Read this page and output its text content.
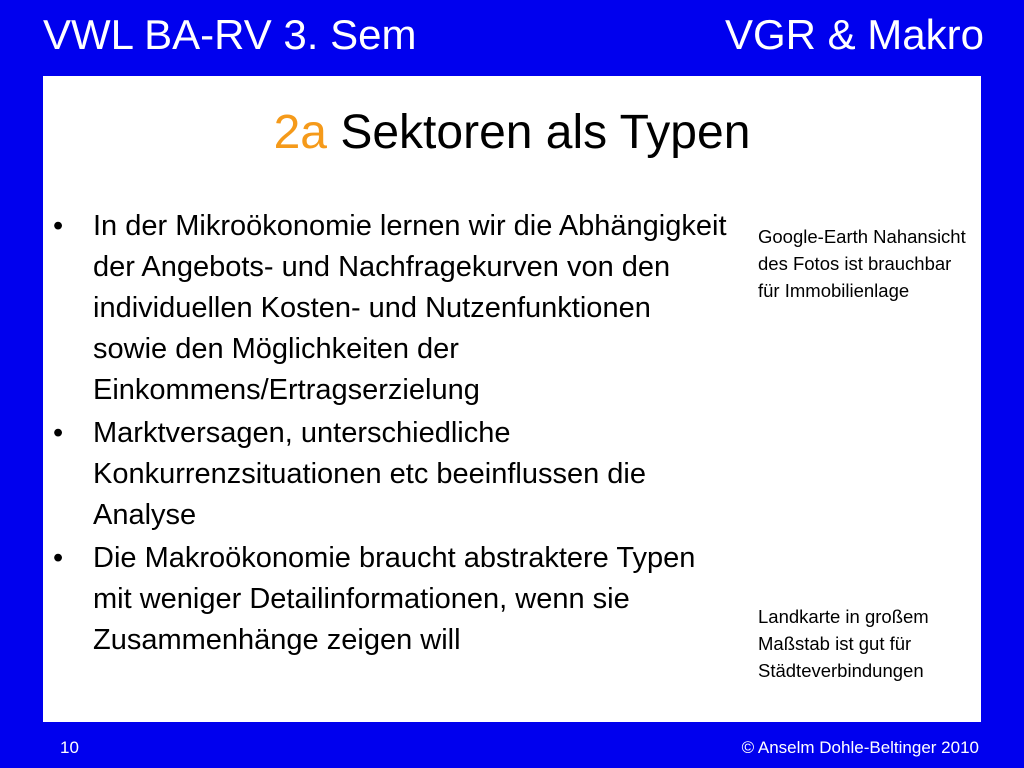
VWL BA-RV 3. Sem	VGR & Makro
2a Sektoren als Typen
• In der Mikroökonomie lernen wir die Abhängigkeit der Angebots- und Nachfragekurven von den individuellen Kosten- und Nutzenfunktionen sowie den Möglichkeiten der Einkommens/Ertragserzielung
• Marktversagen, unterschiedliche Konkurrenzsituationen etc beeinflussen die Analyse
• Die Makroökonomie braucht abstraktere Typen mit weniger Detailinformationen, wenn sie Zusammenhänge zeigen will
Google-Earth Nahansicht des Fotos ist brauchbar für Immobilienlage
Landkarte in großem Maßstab ist gut für Städteverbindungen
10	© Anselm Dohle-Beltinger 2010
